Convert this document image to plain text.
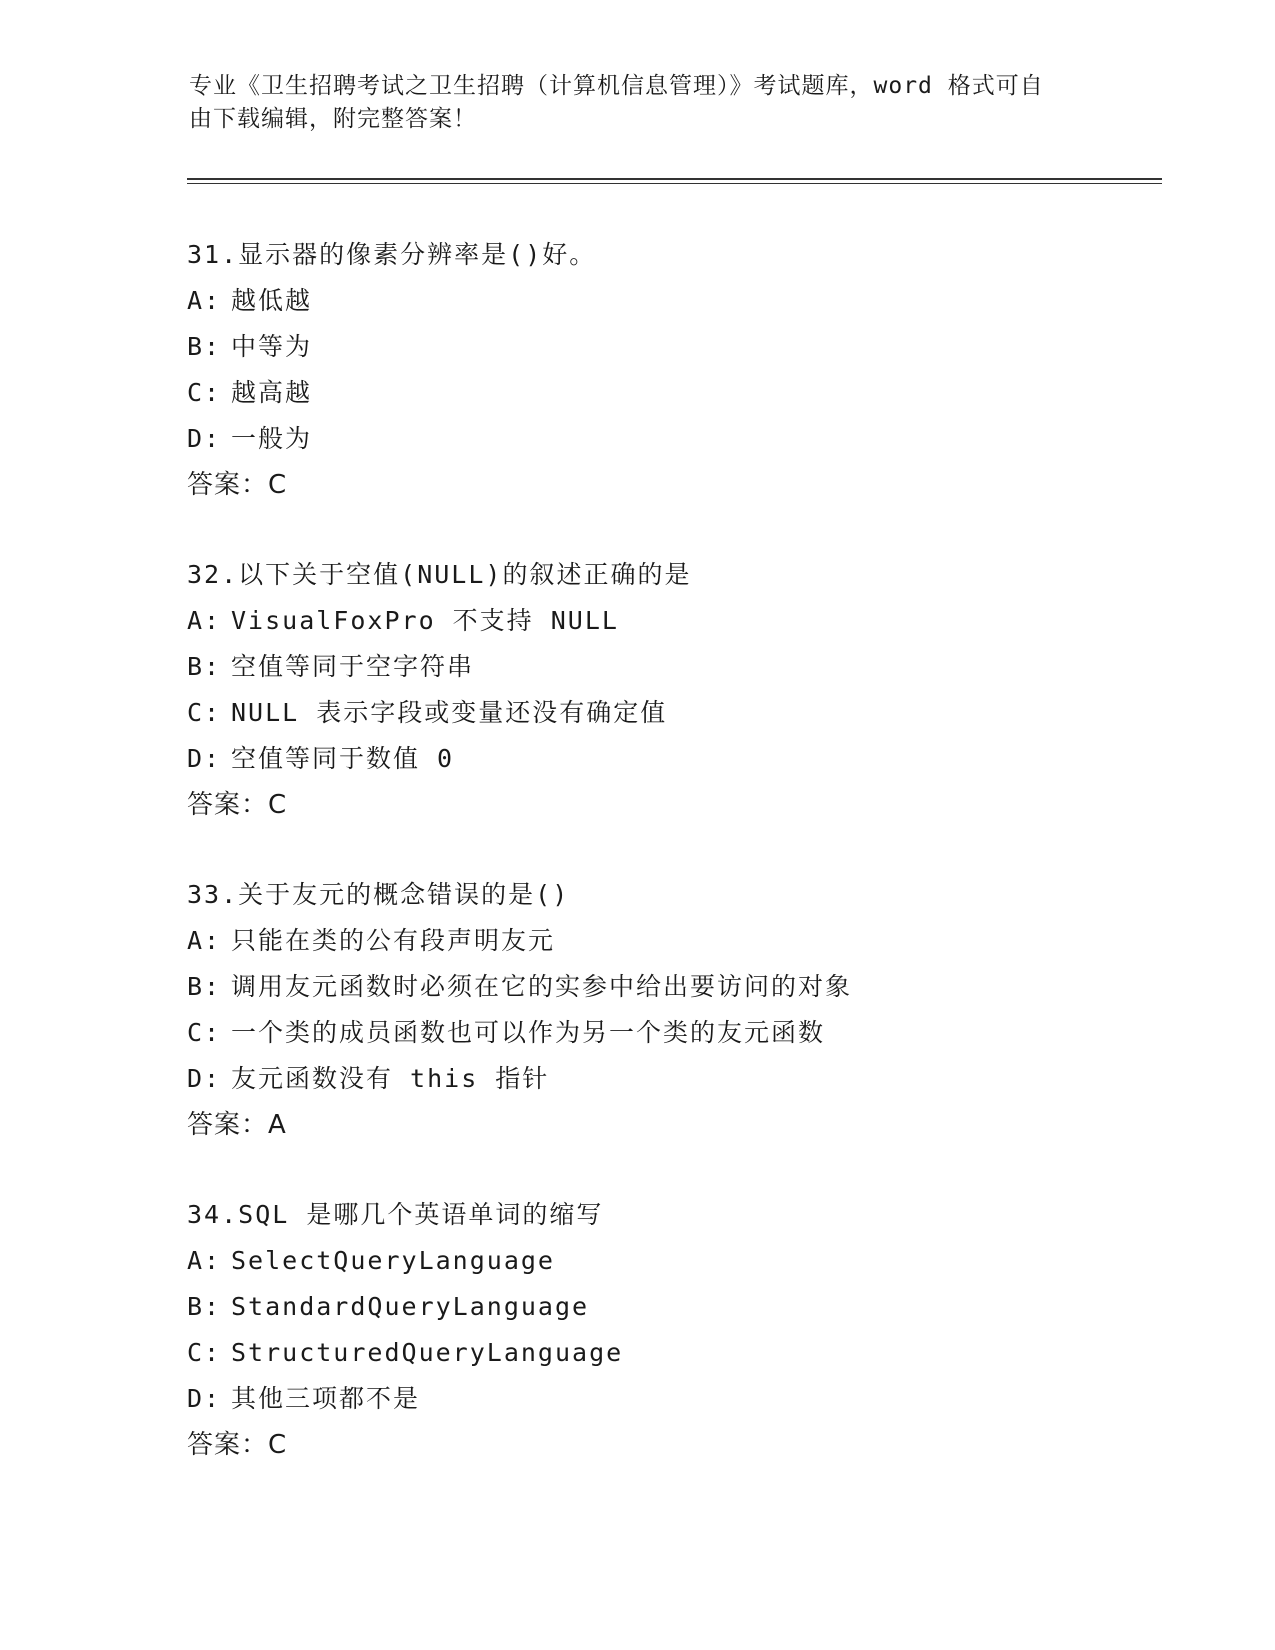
专业《卫生招聘考试之卫生招聘（计算机信息管理）》考试题库，word 格式可自
由下载编辑，附完整答案！
31.显示器的像素分辨率是()好。
A: 越低越
B: 中等为
C: 越高越
D: 一般为
答案：C
32.以下关于空值(NULL)的叙述正确的是
A: VisualFoxPro 不支持 NULL
B: 空值等同于空字符串
C: NULL 表示字段或变量还没有确定值
D: 空值等同于数值 0
答案：C
33.关于友元的概念错误的是()
A: 只能在类的公有段声明友元
B: 调用友元函数时必须在它的实参中给出要访问的对象
C: 一个类的成员函数也可以作为另一个类的友元函数
D: 友元函数没有 this 指针
答案：A
34.SQL 是哪几个英语单词的缩写
A: SelectQueryLanguage
B: StandardQueryLanguage
C: StructuredQueryLanguage
D: 其他三项都不是
答案：C
